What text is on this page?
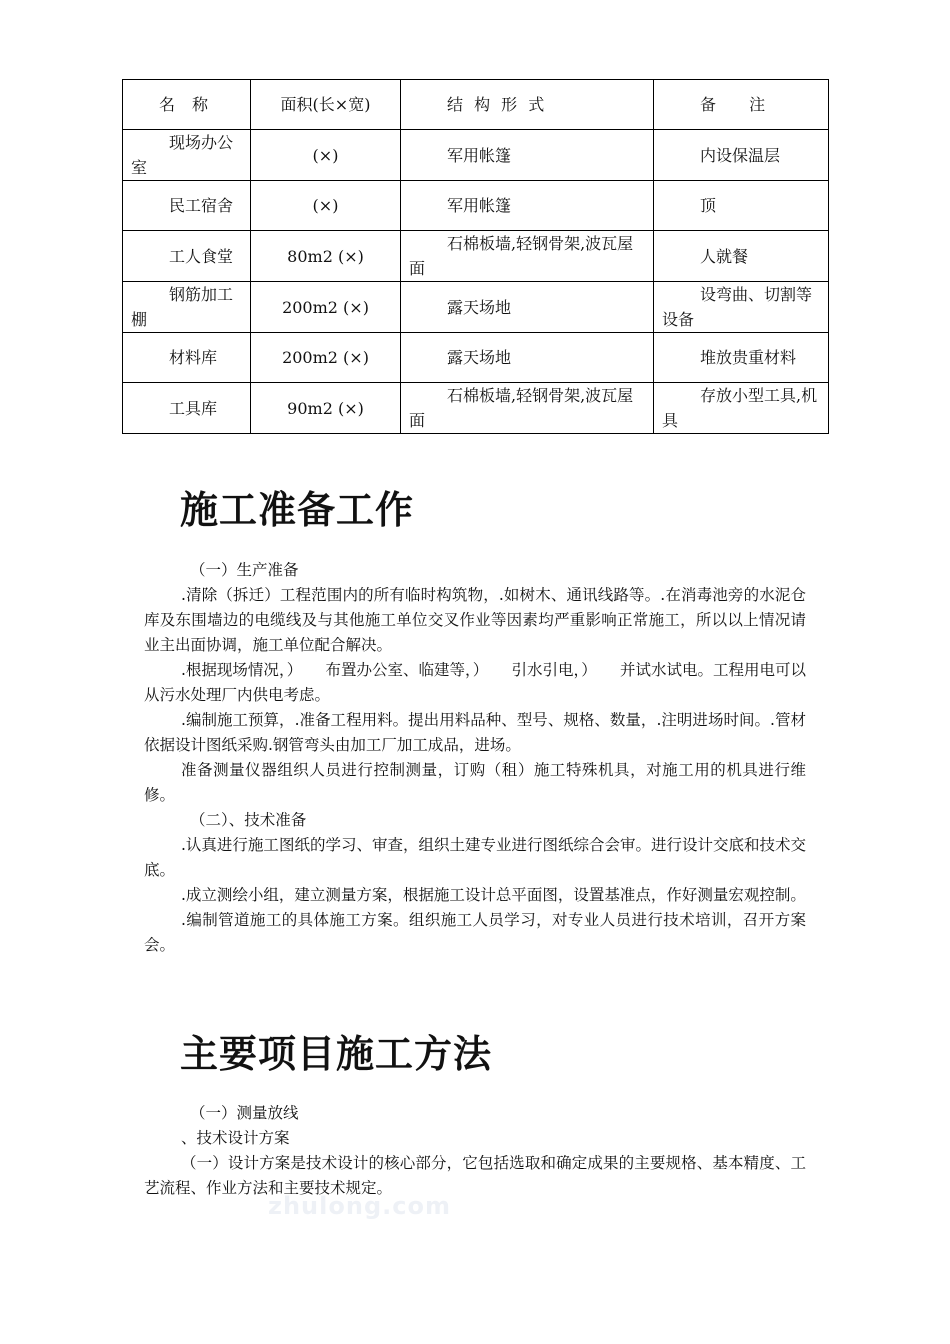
名 称	面积(长×宽)	结 构 形 式	备 注
现场办公室	(×)	军用帐篷	内设保温层
民工宿舍	(×)	军用帐篷	顶
工人食堂	80m2 (×)	石棉板墙,轻钢骨架,波瓦屋面	人就餐
钢筋加工棚	200m2 (×)	露天场地	设弯曲、切割等设备
材料库	200m2 (×)	露天场地	堆放贵重材料
工具库	90m2 (×)	石棉板墙,轻钢骨架,波瓦屋面	存放小型工具,机具
施工准备工作

（一）生产准备

.清除（拆迁）工程范围内的所有临时构筑物，.如树木、通讯线路等。.在消毒池旁的水泥仓库及东围墙边的电缆线及与其他施工单位交叉作业等因素均严重影响正常施工，所以以上情况请业主出面协调，施工单位配合解决。

.根据现场情况，）　　布置办公室、临建等，）　　引水引电，）　　并试水试电。工程用电可以从污水处理厂内供电考虑。

.编制施工预算，.准备工程用料。提出用料品种、型号、规格、数量，.注明进场时间。.管材依据设计图纸采购.钢管弯头由加工厂加工成品，进场。

准备测量仪器组织人员进行控制测量，订购（租）施工特殊机具，对施工用的机具进行维修。

（二）、技术准备

.认真进行施工图纸的学习、审查，组织土建专业进行图纸综合会审。进行设计交底和技术交底。

.成立测绘小组，建立测量方案，根据施工设计总平面图，设置基准点，作好测量宏观控制。

.编制管道施工的具体施工方案。组织施工人员学习，对专业人员进行技术培训，召开方案会。

主要项目施工方法

（一）测量放线

、技术设计方案

（一）设计方案是技术设计的核心部分，它包括选取和确定成果的主要规格、基本精度、工艺流程、作业方法和主要技术规定。

zhulong.com
